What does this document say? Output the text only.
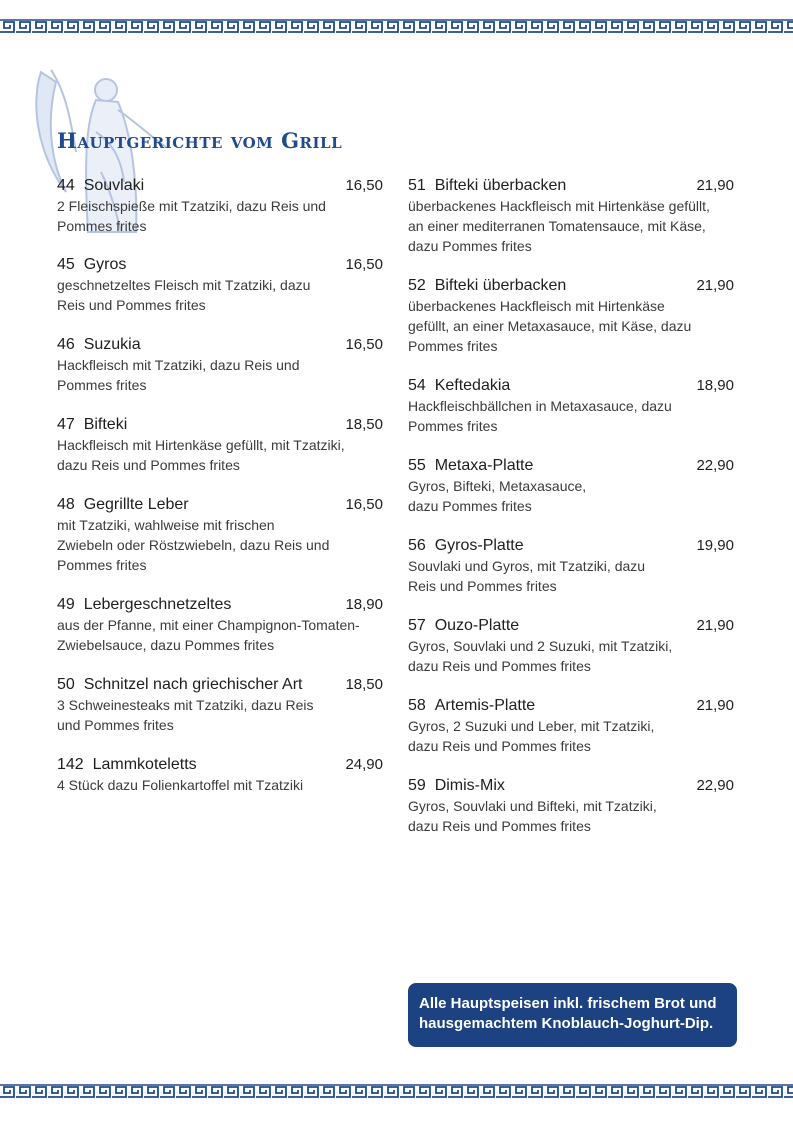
Hauptgerichte vom Grill
44 Souvlaki	16,50
2 Fleischspieße mit Tzatziki, dazu Reis und Pommes frites
45 Gyros	16,50
geschnetzeltes Fleisch mit Tzatziki, dazu Reis und Pommes frites
46 Suzukia	16,50
Hackfleisch mit Tzatziki, dazu Reis und Pommes frites
47 Bifteki	18,50
Hackfleisch mit Hirtenkäse gefüllt, mit Tzatziki, dazu Reis und Pommes frites
48 Gegrillte Leber	16,50
mit Tzatziki, wahlweise mit frischen Zwiebeln oder Röstzwiebeln, dazu Reis und Pommes frites
49 Lebergeschnetzeltes	18,90
aus der Pfanne, mit einer Champignon-Tomaten-Zwiebelsauce, dazu Pommes frites
50 Schnitzel nach griechischer Art	18,50
3 Schweinesteaks mit Tzatziki, dazu Reis und Pommes frites
142 Lammkoteletts	24,90
4 Stück dazu Folienkartoffel mit Tzatziki
51 Bifteki überbacken	21,90
überbackenes Hackfleisch mit Hirtenkäse gefüllt, an einer mediterranen Tomatensauce, mit Käse, dazu Pommes frites
52 Bifteki überbacken	21,90
überbackenes Hackfleisch mit Hirtenkäse gefüllt, an einer Metaxasauce, mit Käse, dazu Pommes frites
54 Keftedakia	18,90
Hackfleischbällchen in Metaxasauce, dazu Pommes frites
55 Metaxa-Platte	22,90
Gyros, Bifteki, Metaxasauce, dazu Pommes frites
56 Gyros-Platte	19,90
Souvlaki und Gyros, mit Tzatziki, dazu Reis und Pommes frites
57 Ouzo-Platte	21,90
Gyros, Souvlaki und 2 Suzuki, mit Tzatziki, dazu Reis und Pommes frites
58 Artemis-Platte	21,90
Gyros, 2 Suzuki und Leber, mit Tzatziki, dazu Reis und Pommes frites
59 Dimis-Mix	22,90
Gyros, Souvlaki und Bifteki, mit Tzatziki, dazu Reis und Pommes frites
Alle Hauptspeisen inkl. frischem Brot und
hausgemachtem Knoblauch-Joghurt-Dip.
